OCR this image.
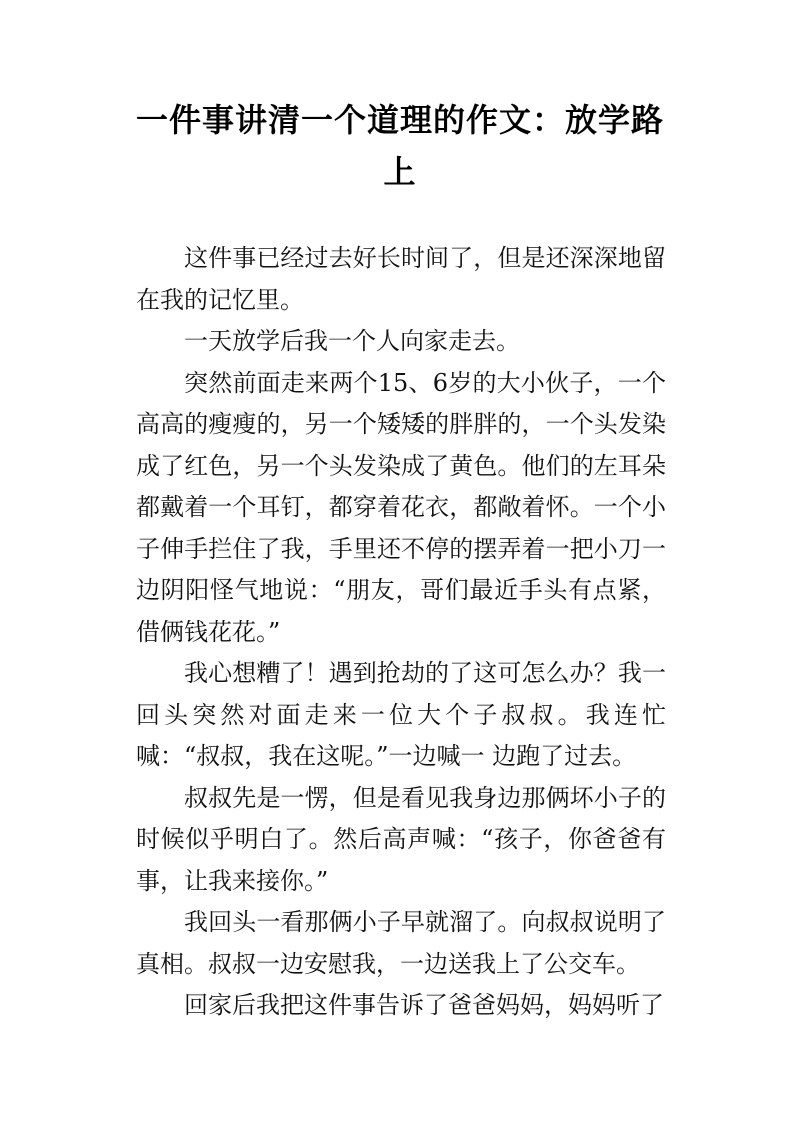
一件事讲清一个道理的作文：放学路上

这件事已经过去好长时间了，但是还深深地留在我的记忆里。

一天放学后我一个人向家走去。

突然前面走来两个15、6岁的大小伙子，一个高高的瘦瘦的，另一个矮矮的胖胖的，一个头发染成了红色，另一个头发染成了黄色。他们的左耳朵都戴着一个耳钉，都穿着花衣，都敞着怀。一个小子伸手拦住了我，手里还不停的摆弄着一把小刀一边阴阳怪气地说：“朋友，哥们最近手头有点紧，借俩钱花花。”

我心想糟了！遇到抢劫的了这可怎么办？我一回头突然对面走来一位大个子叔叔。我连忙喊：“叔叔，我在这呢。”一边喊一 边跑了过去。

叔叔先是一愣，但是看见我身边那俩坏小子的时候似乎明白了。然后高声喊：“孩子，你爸爸有事，让我来接你。”

我回头一看那俩小子早就溜了。向叔叔说明了真相。叔叔一边安慰我，一边送我上了公交车。

回家后我把这件事告诉了爸爸妈妈，妈妈听了
